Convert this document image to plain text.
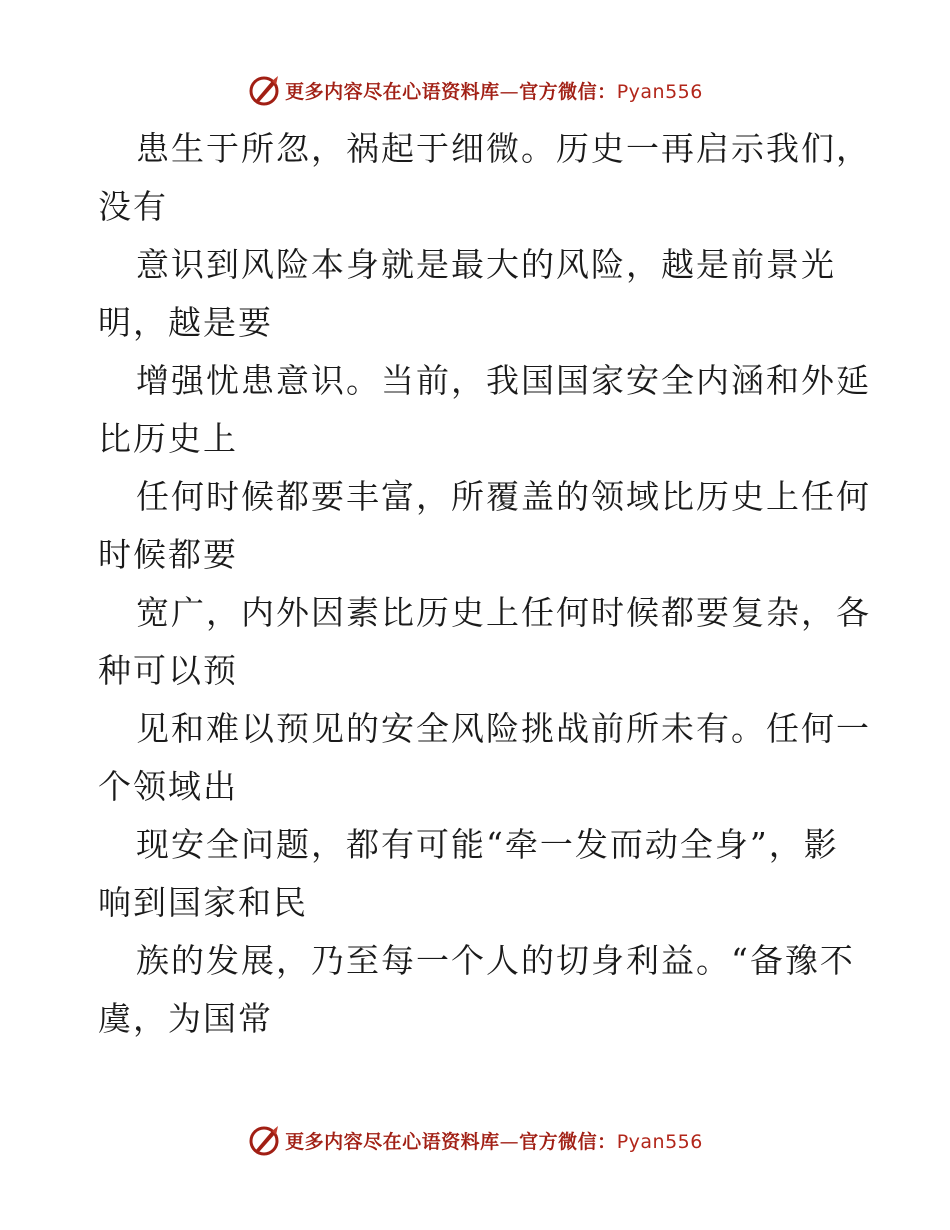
更多内容尽在心语资料库—官方微信：Pyan556
患生于所忽，祸起于细微。历史一再启示我们，
没有
意识到风险本身就是最大的风险，越是前景光
明，越是要
增强忧患意识。当前，我国国家安全内涵和外延
比历史上
任何时候都要丰富，所覆盖的领域比历史上任何
时候都要
宽广，内外因素比历史上任何时候都要复杂，各
种可以预
见和难以预见的安全风险挑战前所未有。任何一
个领域出
现安全问题，都有可能“牵一发而动全身”，影
响到国家和民
族的发展，乃至每一个人的切身利益。“备豫不
虞，为国常
更多内容尽在心语资料库—官方微信：Pyan556
